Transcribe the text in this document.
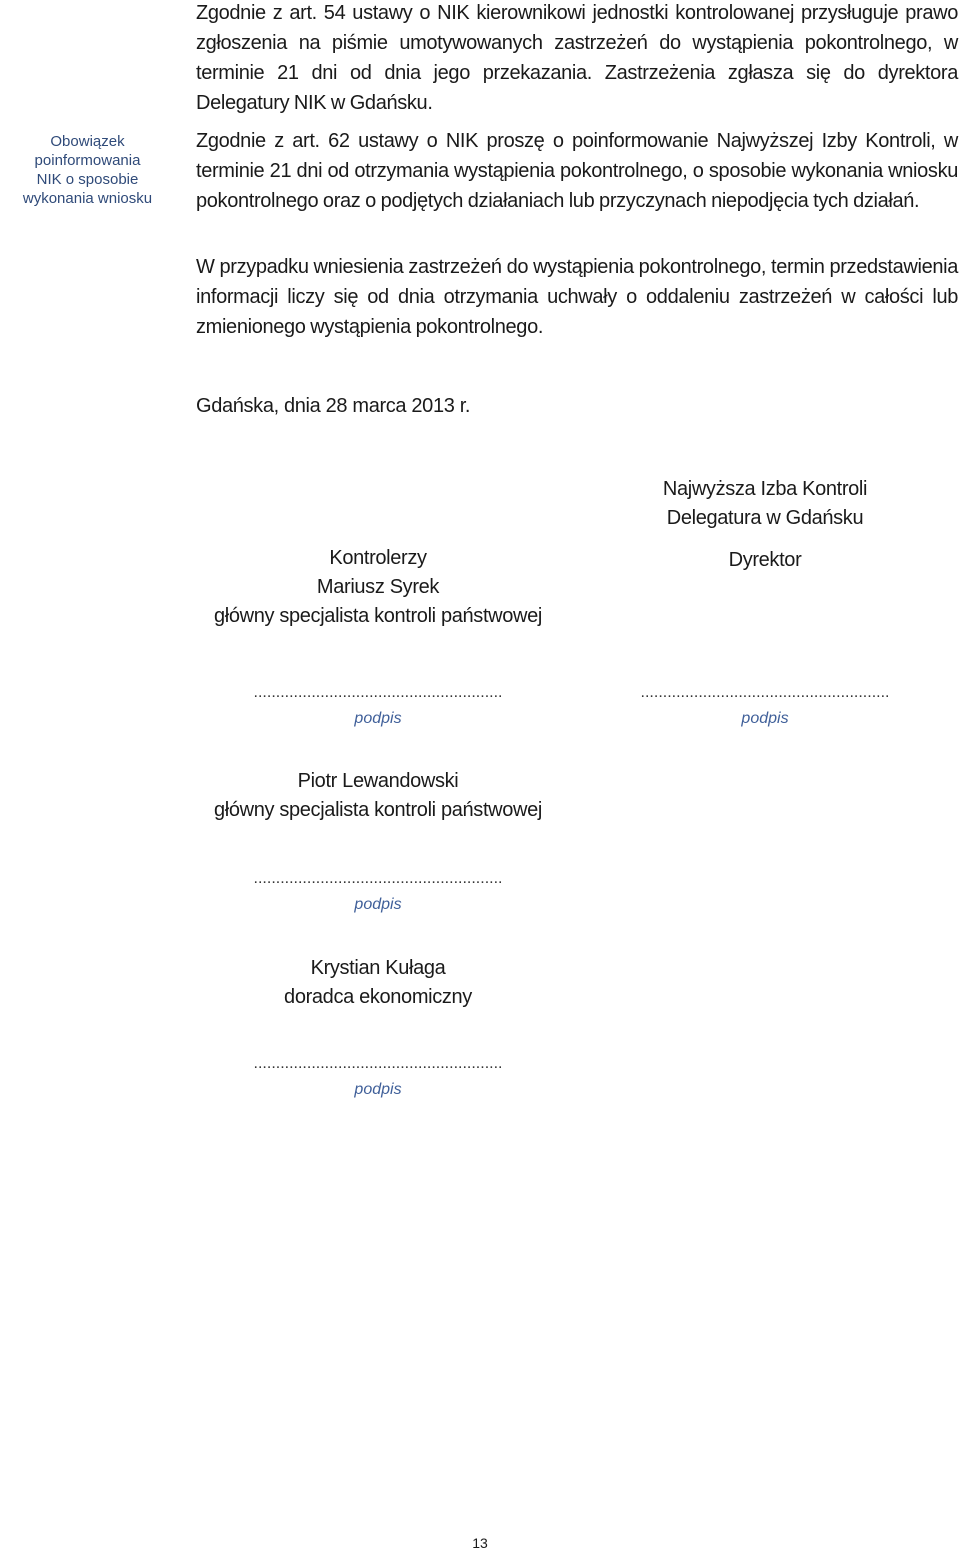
Obowiązek
poinformowania
NIK o sposobie
wykonania wniosku

Zgodnie z art. 54 ustawy o NIK kierownikowi jednostki kontrolowanej przysługuje prawo zgłoszenia na piśmie umotywowanych zastrzeżeń do wystąpienia pokontrolnego, w terminie 21 dni od dnia jego przekazania. Zastrzeżenia zgłasza się do dyrektora Delegatury NIK w Gdańsku.

Zgodnie z art. 62 ustawy o NIK proszę o poinformowanie Najwyższej Izby Kontroli, w terminie 21 dni od otrzymania wystąpienia pokontrolnego, o sposobie wykonania wniosku pokontrolnego oraz o podjętych działaniach lub przyczynach niepodjęcia tych działań.

W przypadku wniesienia zastrzeżeń do wystąpienia pokontrolnego, termin przedstawienia informacji liczy się od dnia otrzymania uchwały o oddaleniu zastrzeżeń w całości lub zmienionego wystąpienia pokontrolnego.

Gdańska, dnia 28 marca 2013 r.
Najwyższa Izba Kontroli
Delegatura w Gdańsku
Dyrektor
Kontrolerzy
Mariusz Syrek
główny specjalista kontroli państwowej
........................................................
podpis
........................................................
podpis
Piotr Lewandowski
główny specjalista kontroli państwowej
........................................................
podpis
Krystian Kułaga
doradca ekonomiczny
........................................................
podpis
13
